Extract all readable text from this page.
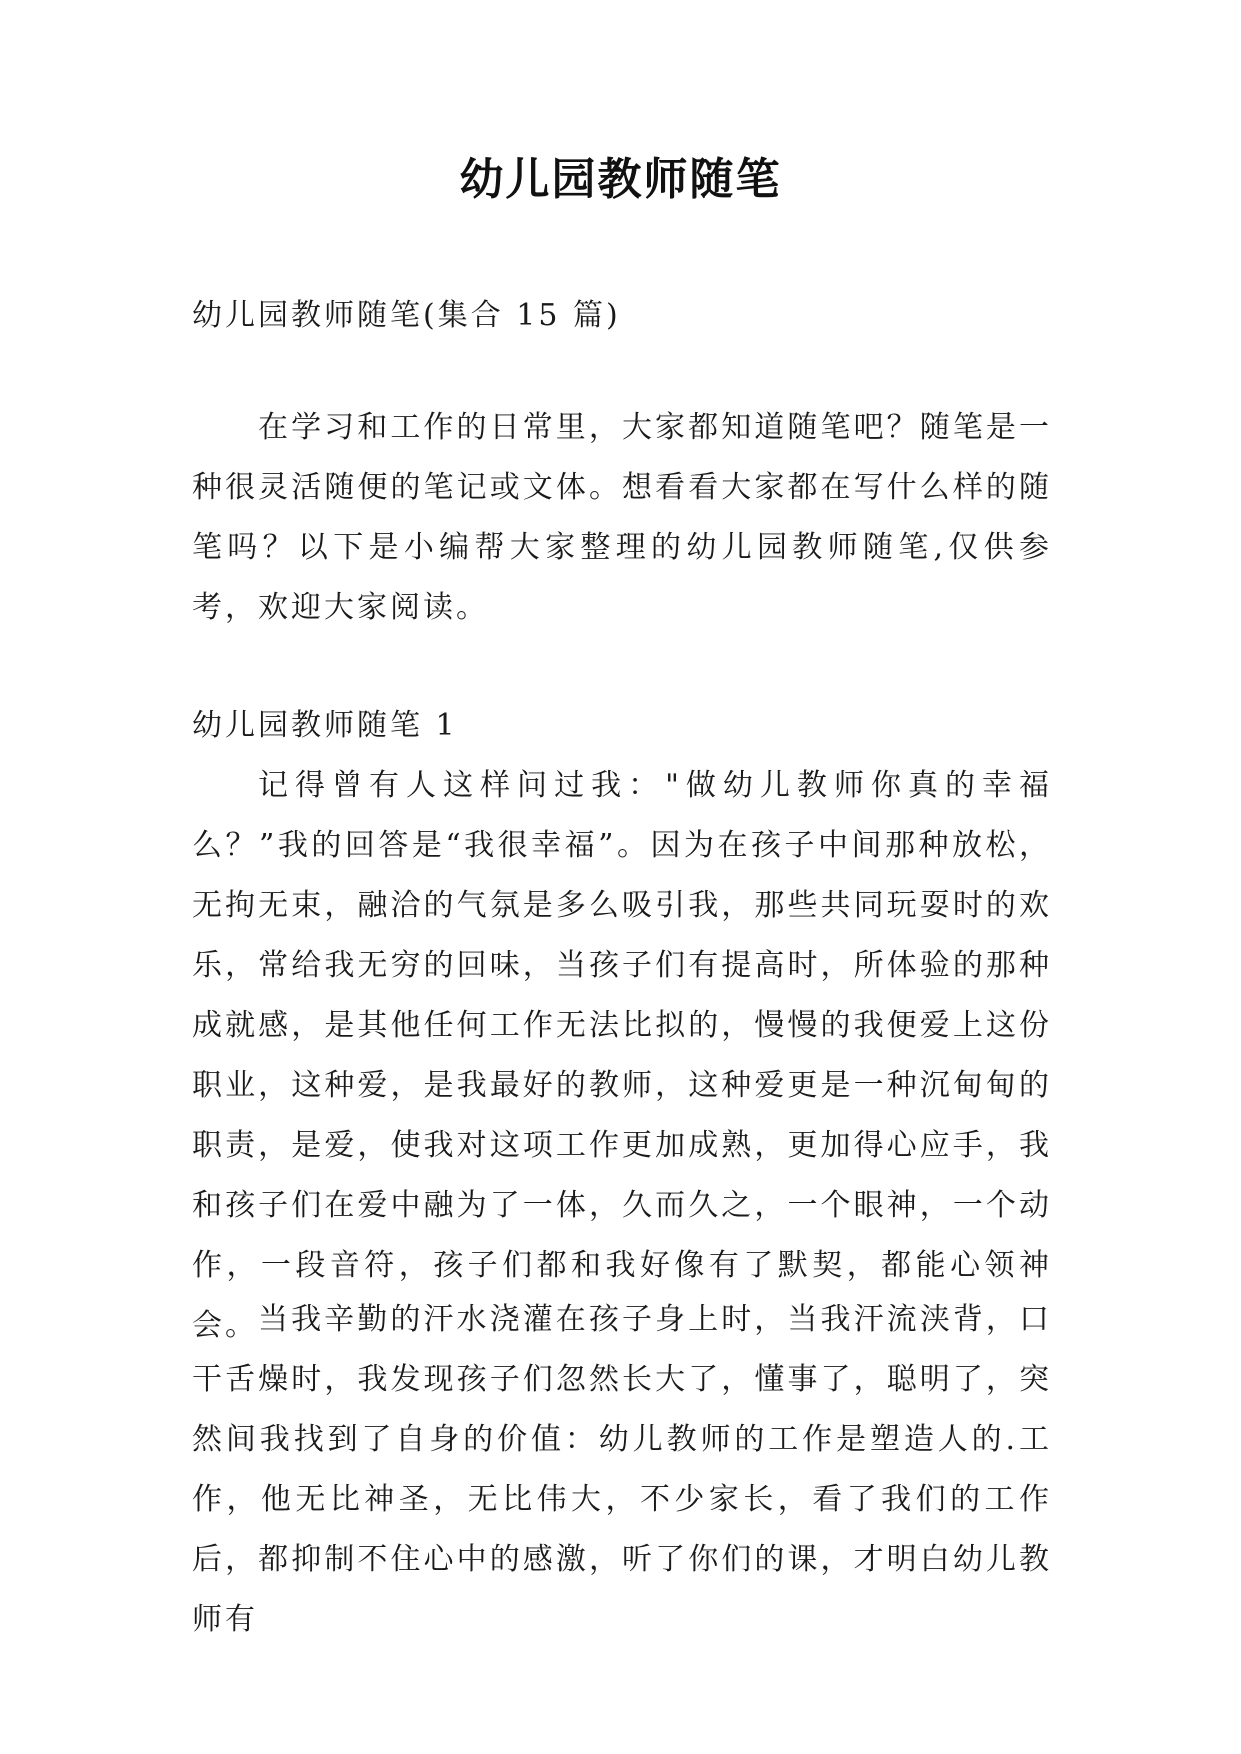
幼儿园教师随笔
幼儿园教师随笔(集合 15 篇)
在学习和工作的日常里，大家都知道随笔吧？随笔是一种很灵活随便的笔记或文体。想看看大家都在写什么样的随笔吗？以下是小编帮大家整理的幼儿园教师随笔,仅供参考，欢迎大家阅读。
幼儿园教师随笔 1
记得曾有人这样问过我："做幼儿教师你真的幸福么？”我的回答是“我很幸福”。因为在孩子中间那种放松，无拘无束，融洽的气氛是多么吸引我，那些共同玩耍时的欢乐，常给我无穷的回味，当孩子们有提高时，所体验的那种成就感，是其他任何工作无法比拟的，慢慢的我便爱上这份职业，这种爱，是我最好的教师，这种爱更是一种沉甸甸的职责，是爱，使我对这项工作更加成熟，更加得心应手，我和孩子们在爱中融为了一体，久而久之，一个眼神，一个动作，一段音符，孩子们都和我好像有了默契，都能心领神会。 当我辛勤的汗水浇灌在孩子身上时，当我汗流浃背，口干舌燥时，我发现孩子们忽然长大了，懂事了，聪明了，突然间我找到了自身的价值：幼儿教师的工作是塑造人的.工作，他无比神圣，无比伟大，不少家长，看了我们的工作后，都抑制不住心中的感激，听了你们的课，才明白幼儿教师有
